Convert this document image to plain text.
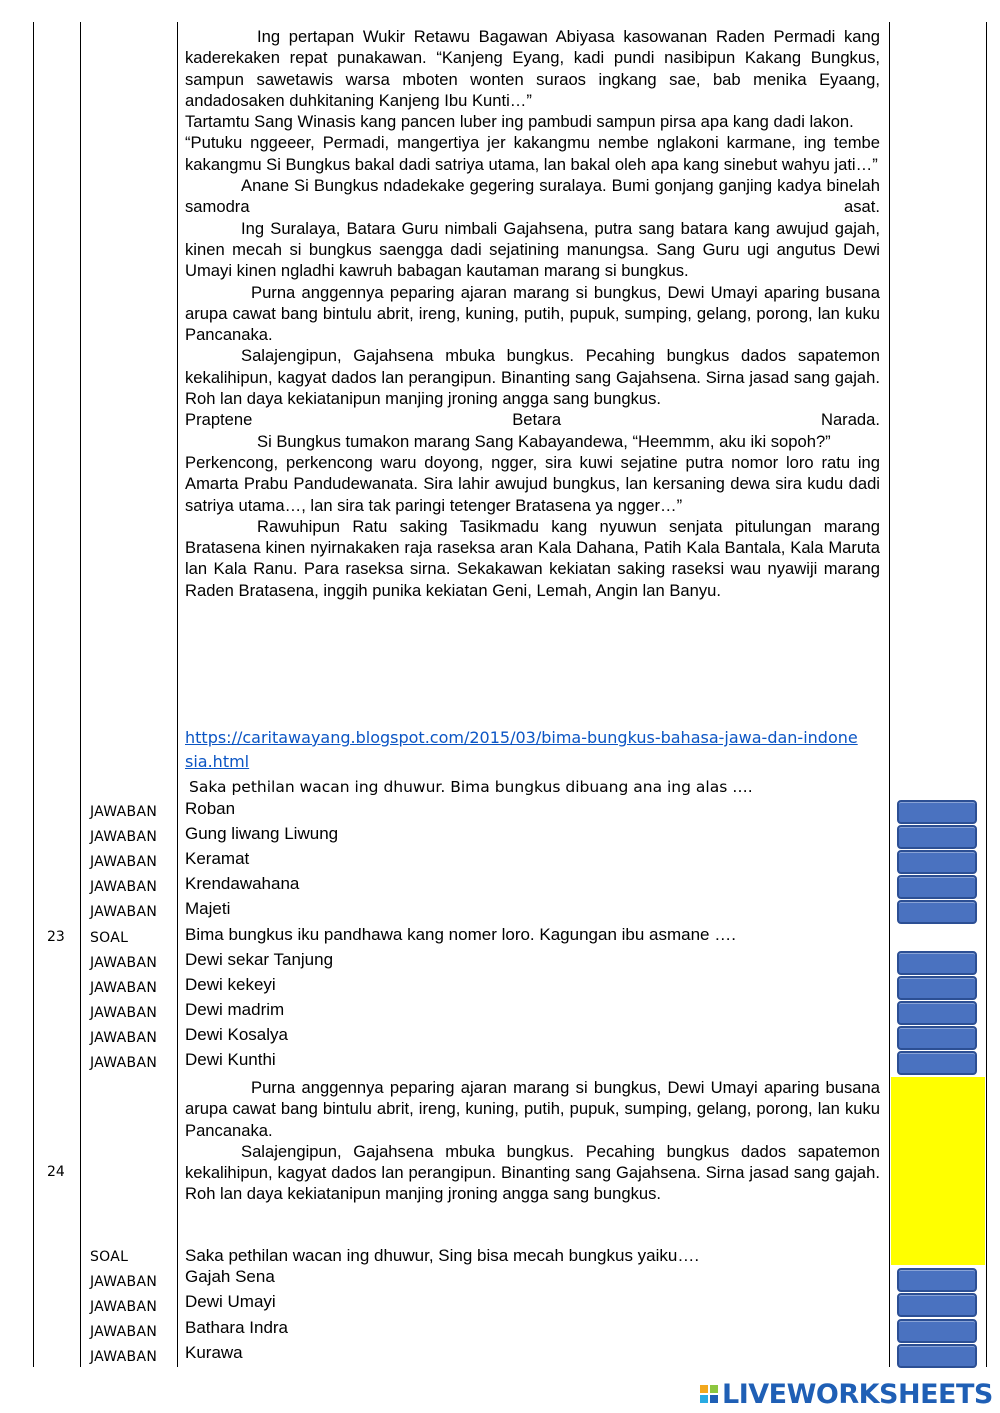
Ing pertapan Wukir Retawu Bagawan Abiyasa kasowanan Raden Permadi kang kaderekaken repat punakawan. “Kanjeng Eyang, kadi pundi nasibipun Kakang Bungkus, sampun sawetawis warsa mboten wonten suraos ingkang sae, bab menika Eyaang, andadosaken duhkitaning Kanjeng Ibu Kunti…”

Tartamtu Sang Winasis kang pancen luber ing pambudi sampun pirsa apa kang dadi lakon.

“Putuku nggeeer, Permadi, mangertiya jer kakangmu nembe nglakoni karmane, ing tembe kakangmu Si Bungkus bakal dadi satriya utama, lan bakal oleh apa kang sinebut wahyu jati…”

Anane Si Bungkus ndadekake gegering suralaya. Bumi gonjang ganjing kadya binelah samodra asat.

Ing Suralaya, Batara Guru nimbali Gajahsena, putra sang batara kang awujud gajah, kinen mecah si bungkus saengga dadi sejatining manungsa. Sang Guru ugi angutus Dewi Umayi kinen ngladhi kawruh babagan kautaman marang si bungkus.

Purna anggennya peparing ajaran marang si bungkus, Dewi Umayi aparing busana arupa cawat bang bintulu abrit, ireng, kuning, putih, pupuk, sumping, gelang, porong, lan kuku Pancanaka.

Salajengipun, Gajahsena mbuka bungkus. Pecahing bungkus dados sapatemon kekalihipun, kagyat dados lan perangipun. Binanting sang Gajahsena. Sirna jasad sang gajah. Roh lan daya kekiatanipun manjing jroning angga sang bungkus.

Praptene Betara Narada.

Si Bungkus tumakon marang Sang Kabayandewa, “Heemmm, aku iki sopoh?”

Perkencong, perkencong waru doyong, ngger, sira kuwi sejatine putra nomor loro ratu ing Amarta Prabu Pandudewanata. Sira lahir awujud bungkus, lan kersaning dewa sira kudu dadi satriya utama…, lan sira tak paringi tetenger Bratasena ya ngger…”

Rawuhipun Ratu saking Tasikmadu kang nyuwun senjata pitulungan marang Bratasena kinen nyirnakaken raja raseksa aran Kala Dahana, Patih Kala Bantala, Kala Maruta lan Kala Ranu. Para raseksa sirna. Sekakawan kekiatan saking raseksi wau nyawiji marang Raden Bratasena, inggih punika kekiatan Geni, Lemah, Angin lan Banyu.

https://caritawayang.blogspot.com/2015/03/bima-bungkus-bahasa-jawa-dan-indonesia.html
Saka pethilan wacan ing dhuwur. Bima bungkus dibuang ana ing alas ….
JAWABAN Roban
JAWABAN Gung liwang Liwung
JAWABAN Keramat
JAWABAN Krendawahana
JAWABAN Majeti
23 SOAL	Bima bungkus iku pandhawa kang nomer loro. Kagungan ibu asmane ….
JAWABAN Dewi sekar Tanjung
JAWABAN Dewi kekeyi
JAWABAN Dewi madrim
JAWABAN Dewi Kosalya
JAWABAN Dewi Kunthi
24

Purna anggennya peparing ajaran marang si bungkus, Dewi Umayi aparing busana arupa cawat bang bintulu abrit, ireng, kuning, putih, pupuk, sumping, gelang, porong, lan kuku Pancanaka.

Salajengipun, Gajahsena mbuka bungkus. Pecahing bungkus dados sapatemon kekalihipun, kagyat dados lan perangipun. Binanting sang Gajahsena. Sirna jasad sang gajah. Roh lan daya kekiatanipun manjing jroning angga sang bungkus.

SOAL	Saka pethilan wacan ing dhuwur, Sing bisa mecah bungkus yaiku….
JAWABAN Gajah Sena
JAWABAN Dewi Umayi
JAWABAN Bathara Indra
JAWABAN Kurawa
LIVEWORKSHEETS
